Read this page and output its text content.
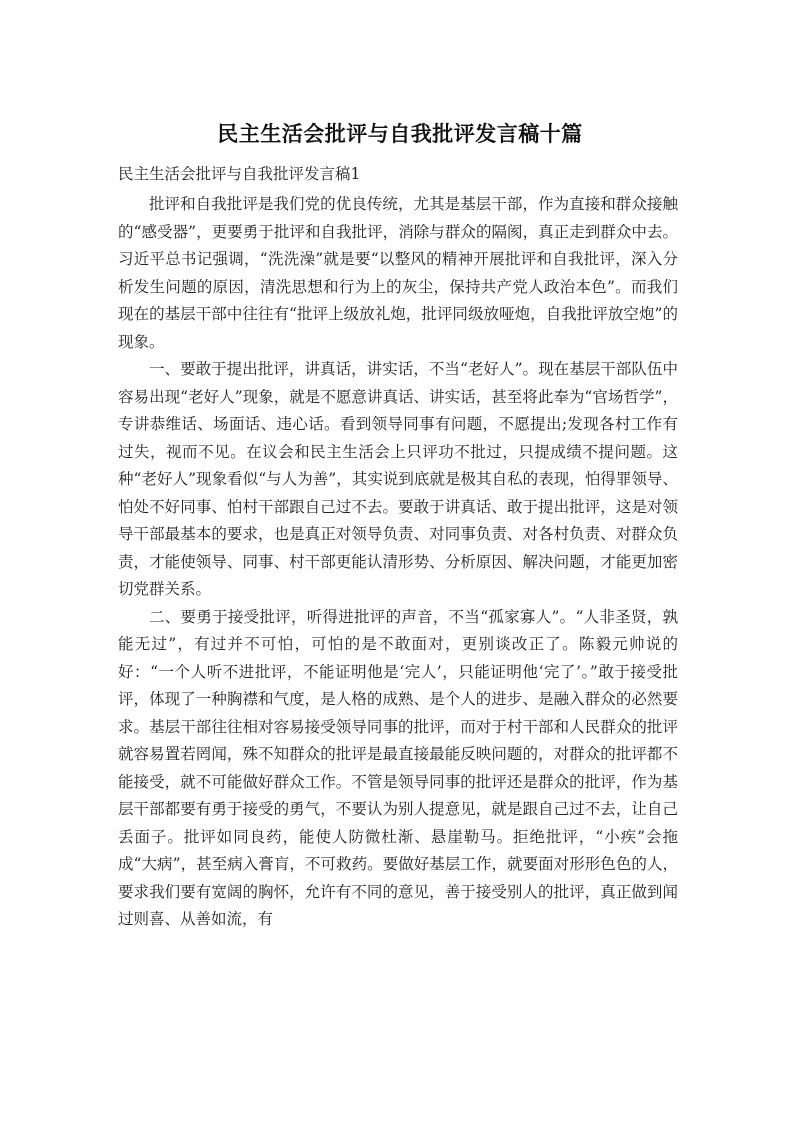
民主生活会批评与自我批评发言稿十篇
民主生活会批评与自我批评发言稿1

批评和自我批评是我们党的优良传统，尤其是基层干部，作为直接和群众接触的“感受器”，更要勇于批评和自我批评，消除与群众的隔阂，真正走到群众中去。习近平总书记强调，“洗洗澡”就是要“以整风的精神开展批评和自我批评，深入分析发生问题的原因，清洗思想和行为上的灰尘，保持共产党人政治本色”。而我们现在的基层干部中往往有“批评上级放礼炮，批评同级放哑炮，自我批评放空炮”的现象。

一、要敢于提出批评，讲真话，讲实话，不当“老好人”。现在基层干部队伍中容易出现“老好人”现象，就是不愿意讲真话、讲实话，甚至将此奉为“官场哲学”，专讲恭维话、场面话、违心话。看到领导同事有问题，不愿提出;发现各村工作有过失，视而不见。在议会和民主生活会上只评功不批过，只提成绩不提问题。这种“老好人”现象看似“与人为善”，其实说到底就是极其自私的表现，怕得罪领导、怕处不好同事、怕村干部跟自己过不去。要敢于讲真话、敢于提出批评，这是对领导干部最基本的要求，也是真正对领导负责、对同事负责、对各村负责、对群众负责，才能使领导、同事、村干部更能认清形势、分析原因、解决问题，才能更加密切党群关系。

二、要勇于接受批评，听得进批评的声音，不当“孤家寡人”。“人非圣贤，孰能无过”，有过并不可怕，可怕的是不敢面对，更别谈改正了。陈毅元帅说的好：“一个人听不进批评，不能证明他是‘完人’，只能证明他‘完了’。”敢于接受批评，体现了一种胸襟和气度，是人格的成熟、是个人的进步、是融入群众的必然要求。基层干部往往相对容易接受领导同事的批评，而对于村干部和人民群众的批评就容易置若罔闻，殊不知群众的批评是最直接最能反映问题的，对群众的批评都不能接受，就不可能做好群众工作。不管是领导同事的批评还是群众的批评，作为基层干部都要有勇于接受的勇气，不要认为别人提意见，就是跟自己过不去，让自己丢面子。批评如同良药，能使人防微杜渐、悬崖勒马。拒绝批评，“小疾”会拖成“大病”，甚至病入膏肓，不可救药。要做好基层工作，就要面对形形色色的人，要求我们要有宽阔的胸怀，允许有不同的意见，善于接受别人的批评，真正做到闻过则喜、从善如流，有
